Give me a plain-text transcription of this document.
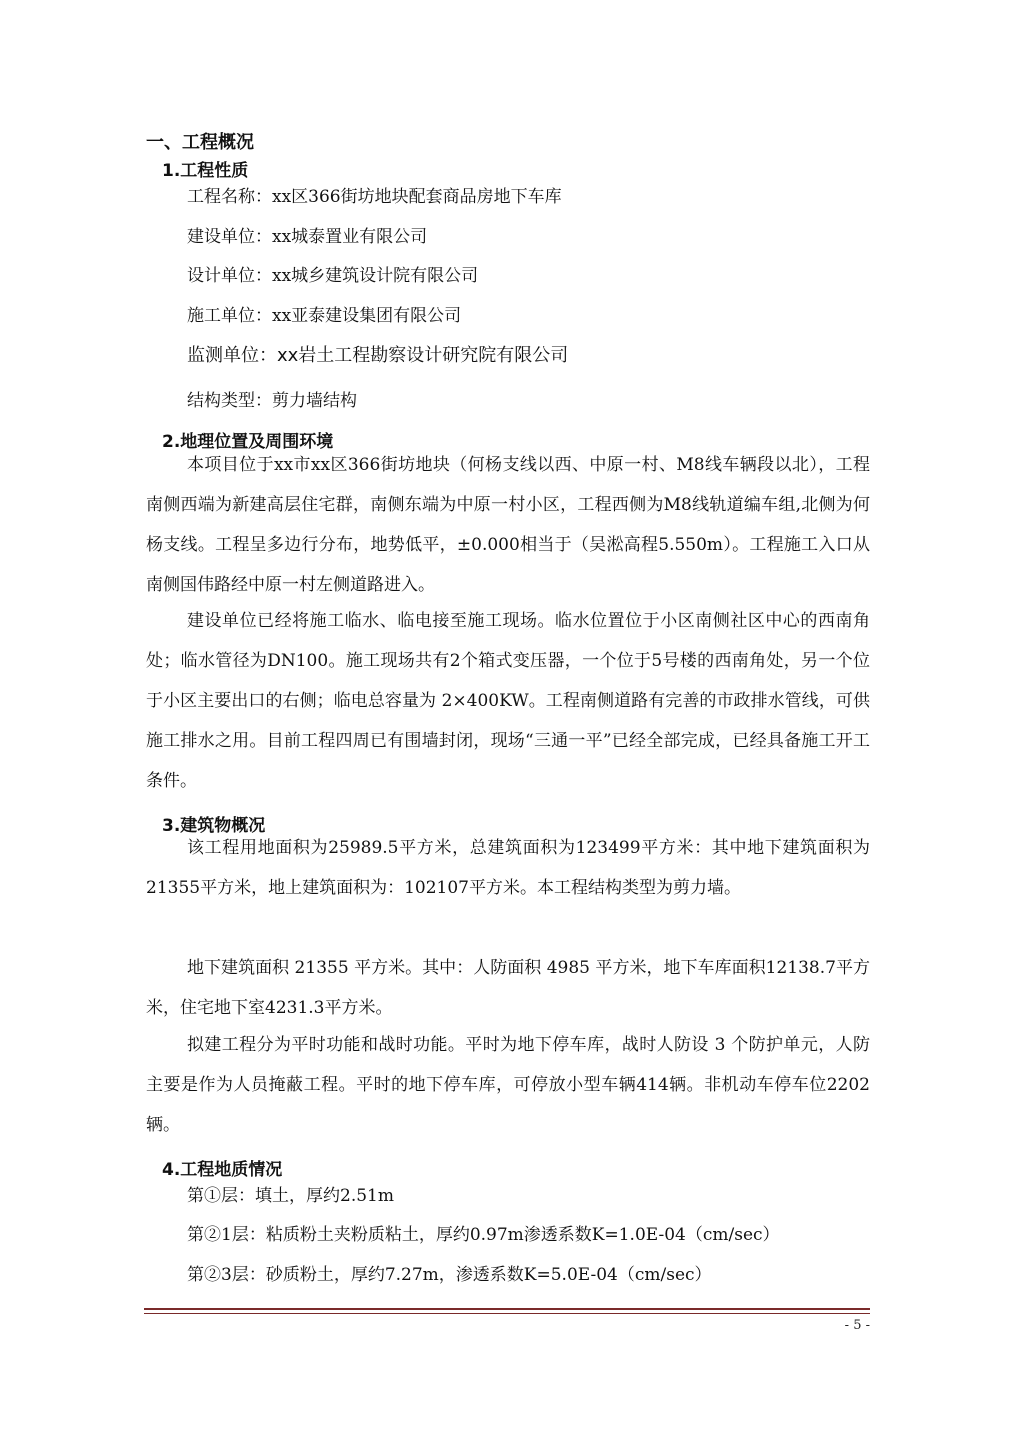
一、工程概况
1.工程性质
工程名称：xx区366街坊地块配套商品房地下车库
建设单位：xx城泰置业有限公司
设计单位：xx城乡建筑设计院有限公司
施工单位：xx亚泰建设集团有限公司
监测单位：xx岩土工程勘察设计研究院有限公司
结构类型：剪力墙结构
2.地理位置及周围环境

本项目位于xx市xx区366街坊地块（何杨支线以西、中原一村、M8线车辆段以北），工程南侧西端为新建高层住宅群，南侧东端为中原一村小区，工程西侧为M8线轨道编车组,北侧为何杨支线。工程呈多边行分布，地势低平，±0.000相当于（吴淞高程5.550m）。工程施工入口从南侧国伟路经中原一村左侧道路进入。

建设单位已经将施工临水、临电接至施工现场。临水位置位于小区南侧社区中心的西南角处；临水管径为DN100。施工现场共有2个箱式变压器，一个位于5号楼的西南角处，另一个位于小区主要出口的右侧；临电总容量为 2×400KW。工程南侧道路有完善的市政排水管线，可供施工排水之用。目前工程四周已有围墙封闭，现场“三通一平”已经全部完成，已经具备施工开工条件。

3.建筑物概况

该工程用地面积为25989.5平方米，总建筑面积为123499平方米：其中地下建筑面积为21355平方米，地上建筑面积为：102107平方米。本工程结构类型为剪力墙。

地下建筑面积 21355 平方米。其中：人防面积 4985 平方米，地下车库面积12138.7平方米，住宅地下室4231.3平方米。

拟建工程分为平时功能和战时功能。平时为地下停车库，战时人防设 3 个防护单元，人防主要是作为人员掩蔽工程。平时的地下停车库，可停放小型车辆414辆。非机动车停车位2202辆。

4.工程地质情况
第①层：填土，厚约2.51m
第②1层：粘质粉土夹粉质粘土，厚约0.97m渗透系数K=1.0E-04（cm/sec）
第②3层：砂质粉土，厚约7.27m，渗透系数K=5.0E-04（cm/sec）
- 5 -
